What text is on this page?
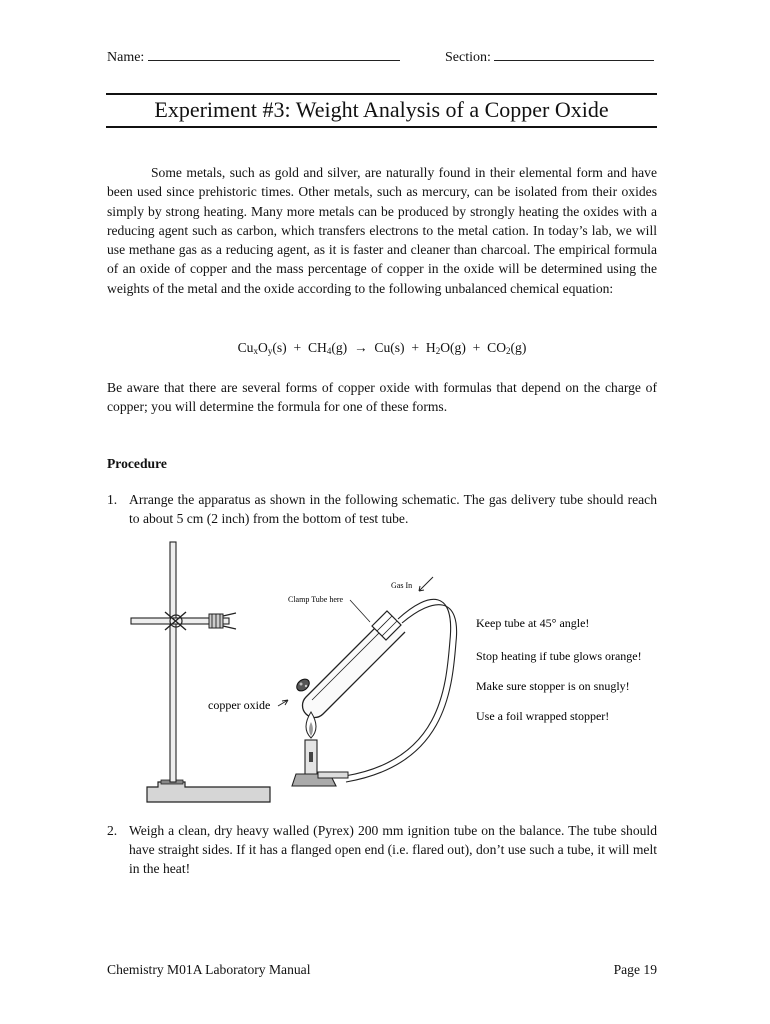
Name:	Section:
Experiment #3: Weight Analysis of a Copper Oxide
Some metals, such as gold and silver, are naturally found in their elemental form and have been used since prehistoric times. Other metals, such as mercury, can be isolated from their oxides simply by strong heating. Many more metals can be produced by strongly heating the oxides with a reducing agent such as carbon, which transfers electrons to the metal cation. In today’s lab, we will use methane gas as a reducing agent, as it is faster and cleaner than charcoal. The empirical formula of an oxide of copper and the mass percentage of copper in the oxide will be determined using the weights of the metal and the oxide according to the following unbalanced chemical equation:
$Cu_xO_y(s) + CH_4(g) \to Cu(s) + H_2O(g) + CO_2(g)$
Be aware that there are several forms of copper oxide with formulas that depend on the charge of copper; you will determine the formula for one of these forms.
Procedure
1. Arrange the apparatus as shown in the following schematic. The gas delivery tube should reach to about 5 cm (2 inch) from the bottom of test tube.
Gas In
Clamp Tube here
copper oxide
Keep tube at 45° angle!
Stop heating if tube glows orange!
Make sure stopper is on snugly!
Use a foil wrapped stopper!
2. Weigh a clean, dry heavy walled (Pyrex) 200 mm ignition tube on the balance. The tube should have straight sides. If it has a flanged open end (i.e. flared out), don’t use such a tube, it will melt in the heat!
Chemistry M01A Laboratory Manual	Page 19
